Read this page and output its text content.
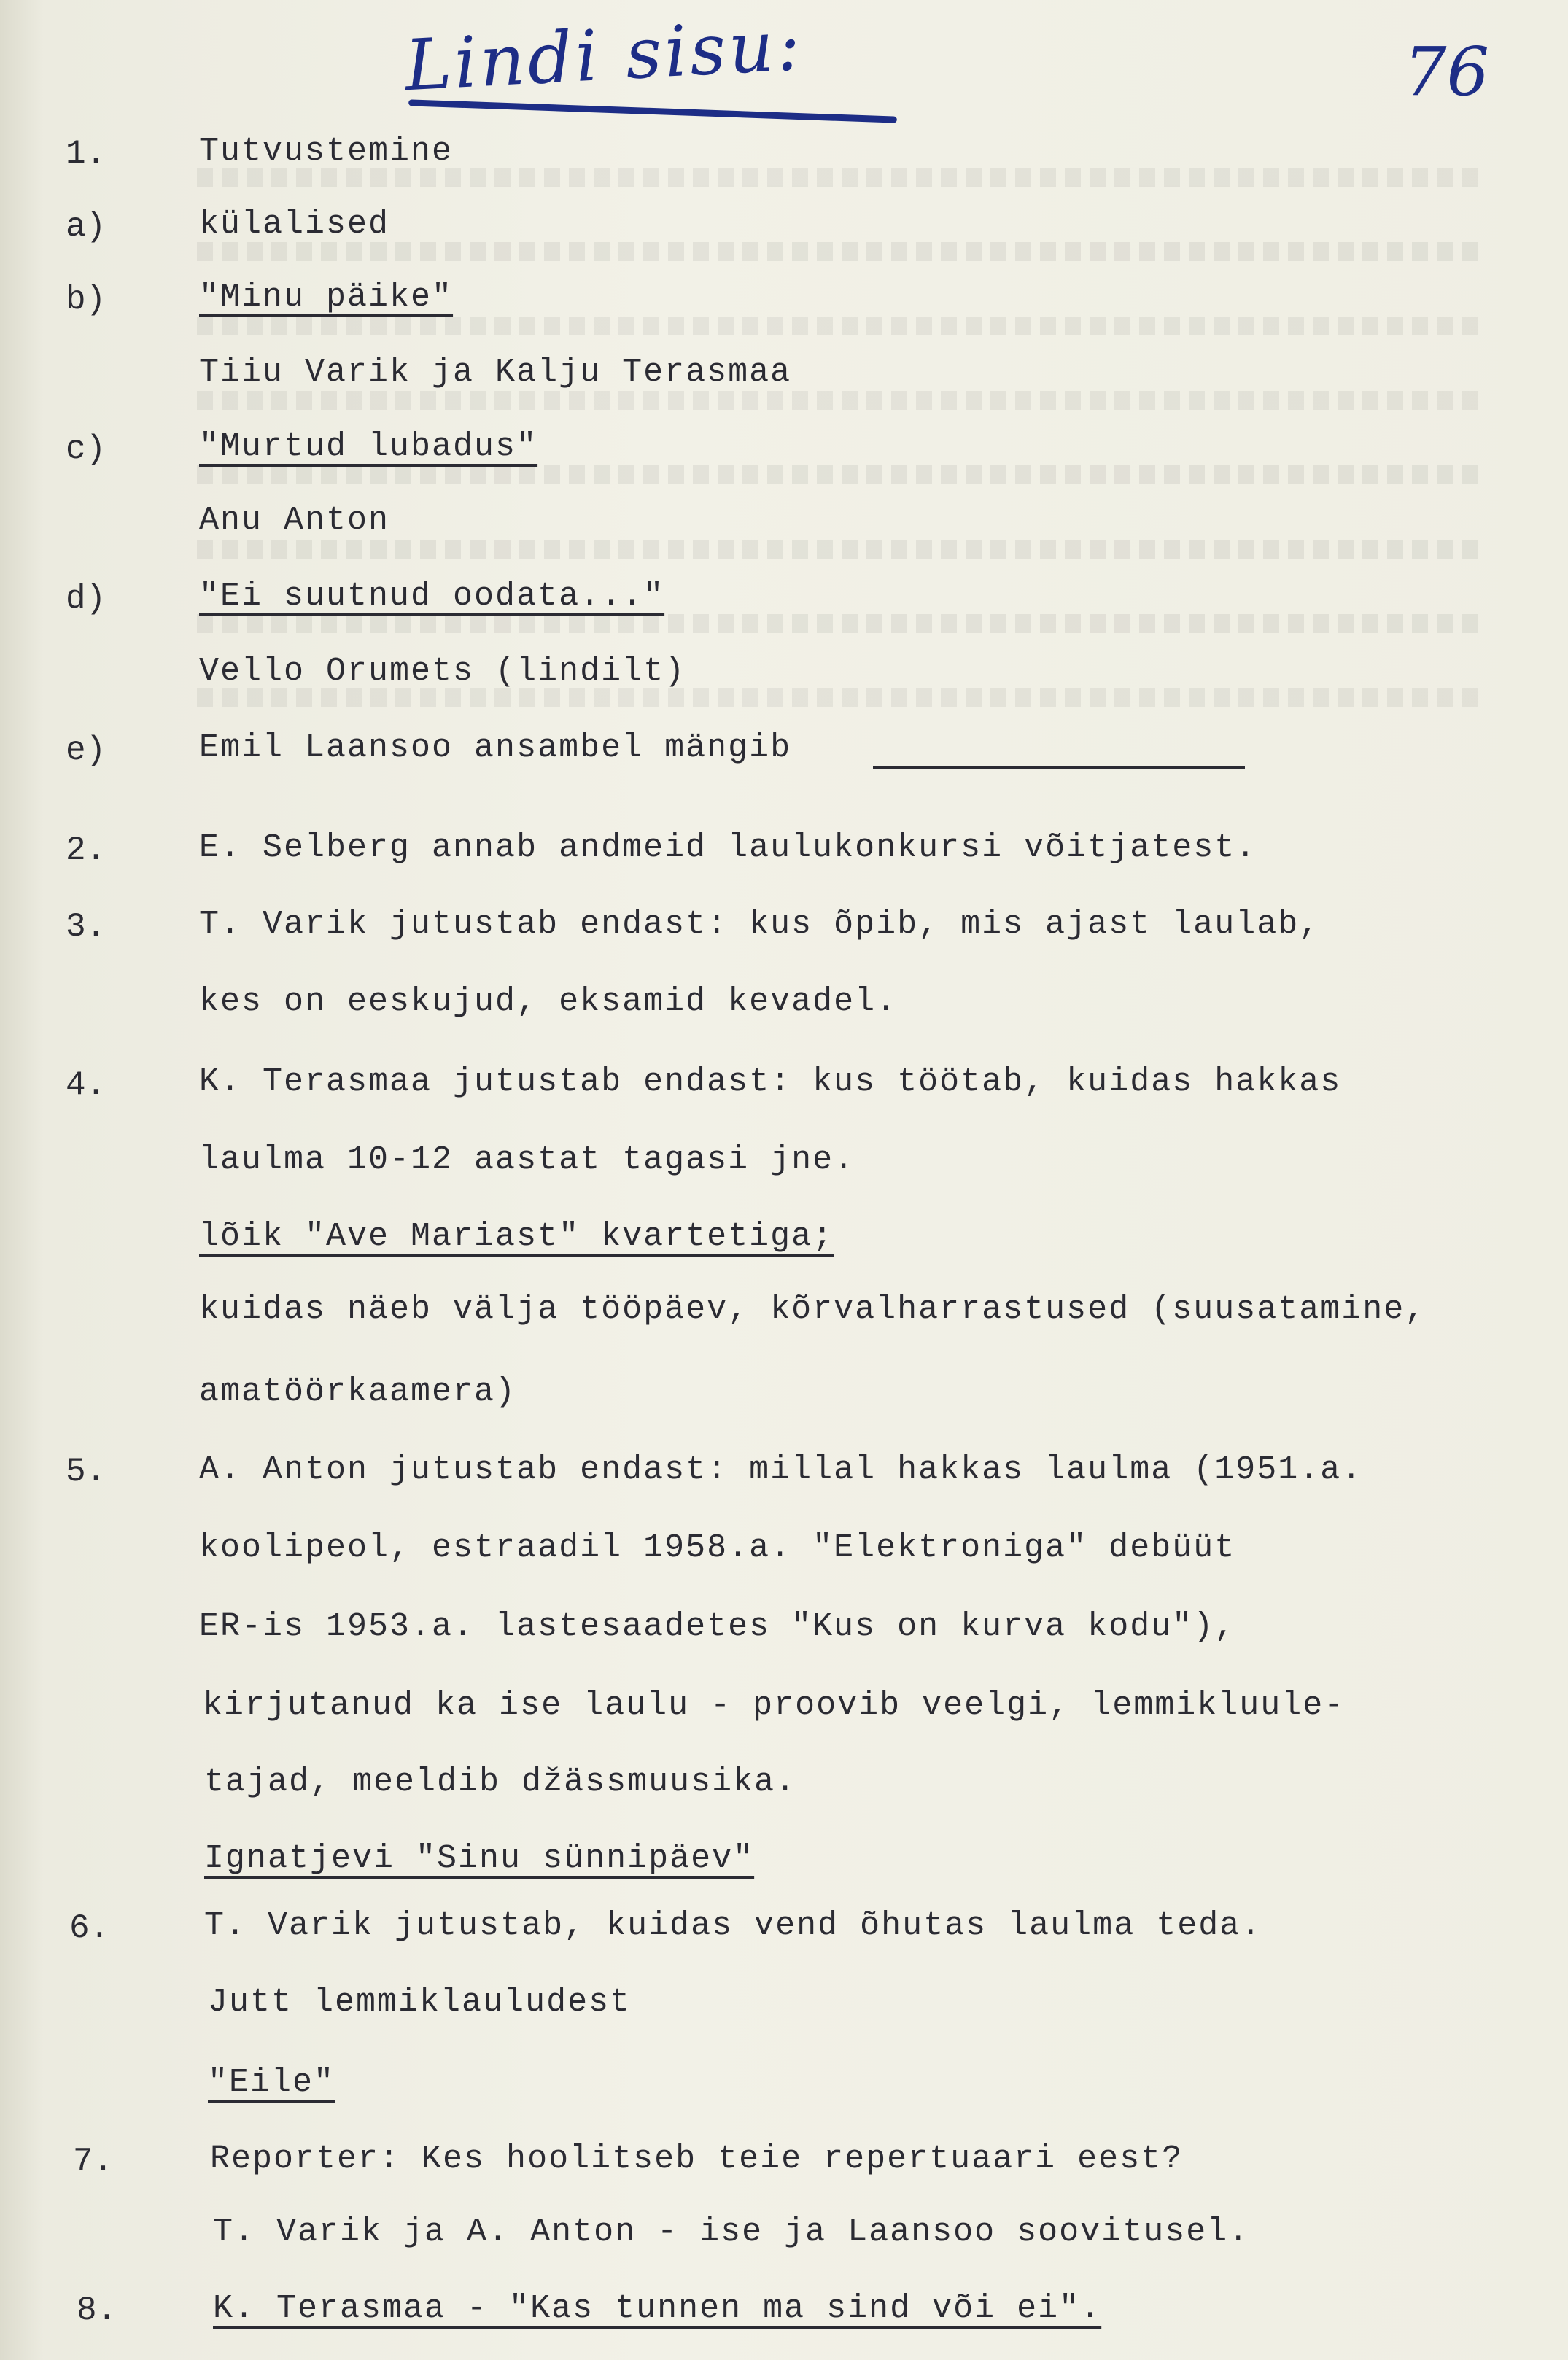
Lindi sisu:	76
1.
a)
b)
c)
d)
e)
2.
3.
4.
5.
6.
7.
8.
Tutvustemine
külalised
"Minu päike"
Tiiu Varik ja Kalju Terasmaa
"Murtud lubadus"
Anu Anton
"Ei suutnud oodata..."
Vello Orumets (lindilt)
Emil Laansoo ansambel mängib
E. Selberg annab andmeid laulukonkursi võitjatest.
T. Varik jutustab endast: kus õpib, mis ajast laulab,
kes on eeskujud, eksamid kevadel.
K. Terasmaa jutustab endast: kus töötab, kuidas hakkas
laulma 10-12 aastat tagasi jne.
lõik "Ave Mariast" kvartetiga;
kuidas näeb välja tööpäev, kõrvalharrastused (suusatamine,
amatöörkaamera)
A. Anton jutustab endast: millal hakkas laulma (1951.a.
koolipeol, estraadil 1958.a. "Elektroniga" debüüt
ER-is 1953.a. lastesaadetes "Kus on kurva kodu"),
kirjutanud ka ise laulu - proovib veelgi, lemmikluule-
tajad, meeldib džässmuusika.
Ignatjevi "Sinu sünnipäev"
T. Varik jutustab, kuidas vend õhutas laulma teda.
Jutt lemmiklauludest
"Eile"
Reporter: Kes hoolitseb teie repertuaari eest?
T. Varik ja A. Anton - ise ja Laansoo soovitusel.
K. Terasmaa - "Kas tunnen ma sind või ei".
